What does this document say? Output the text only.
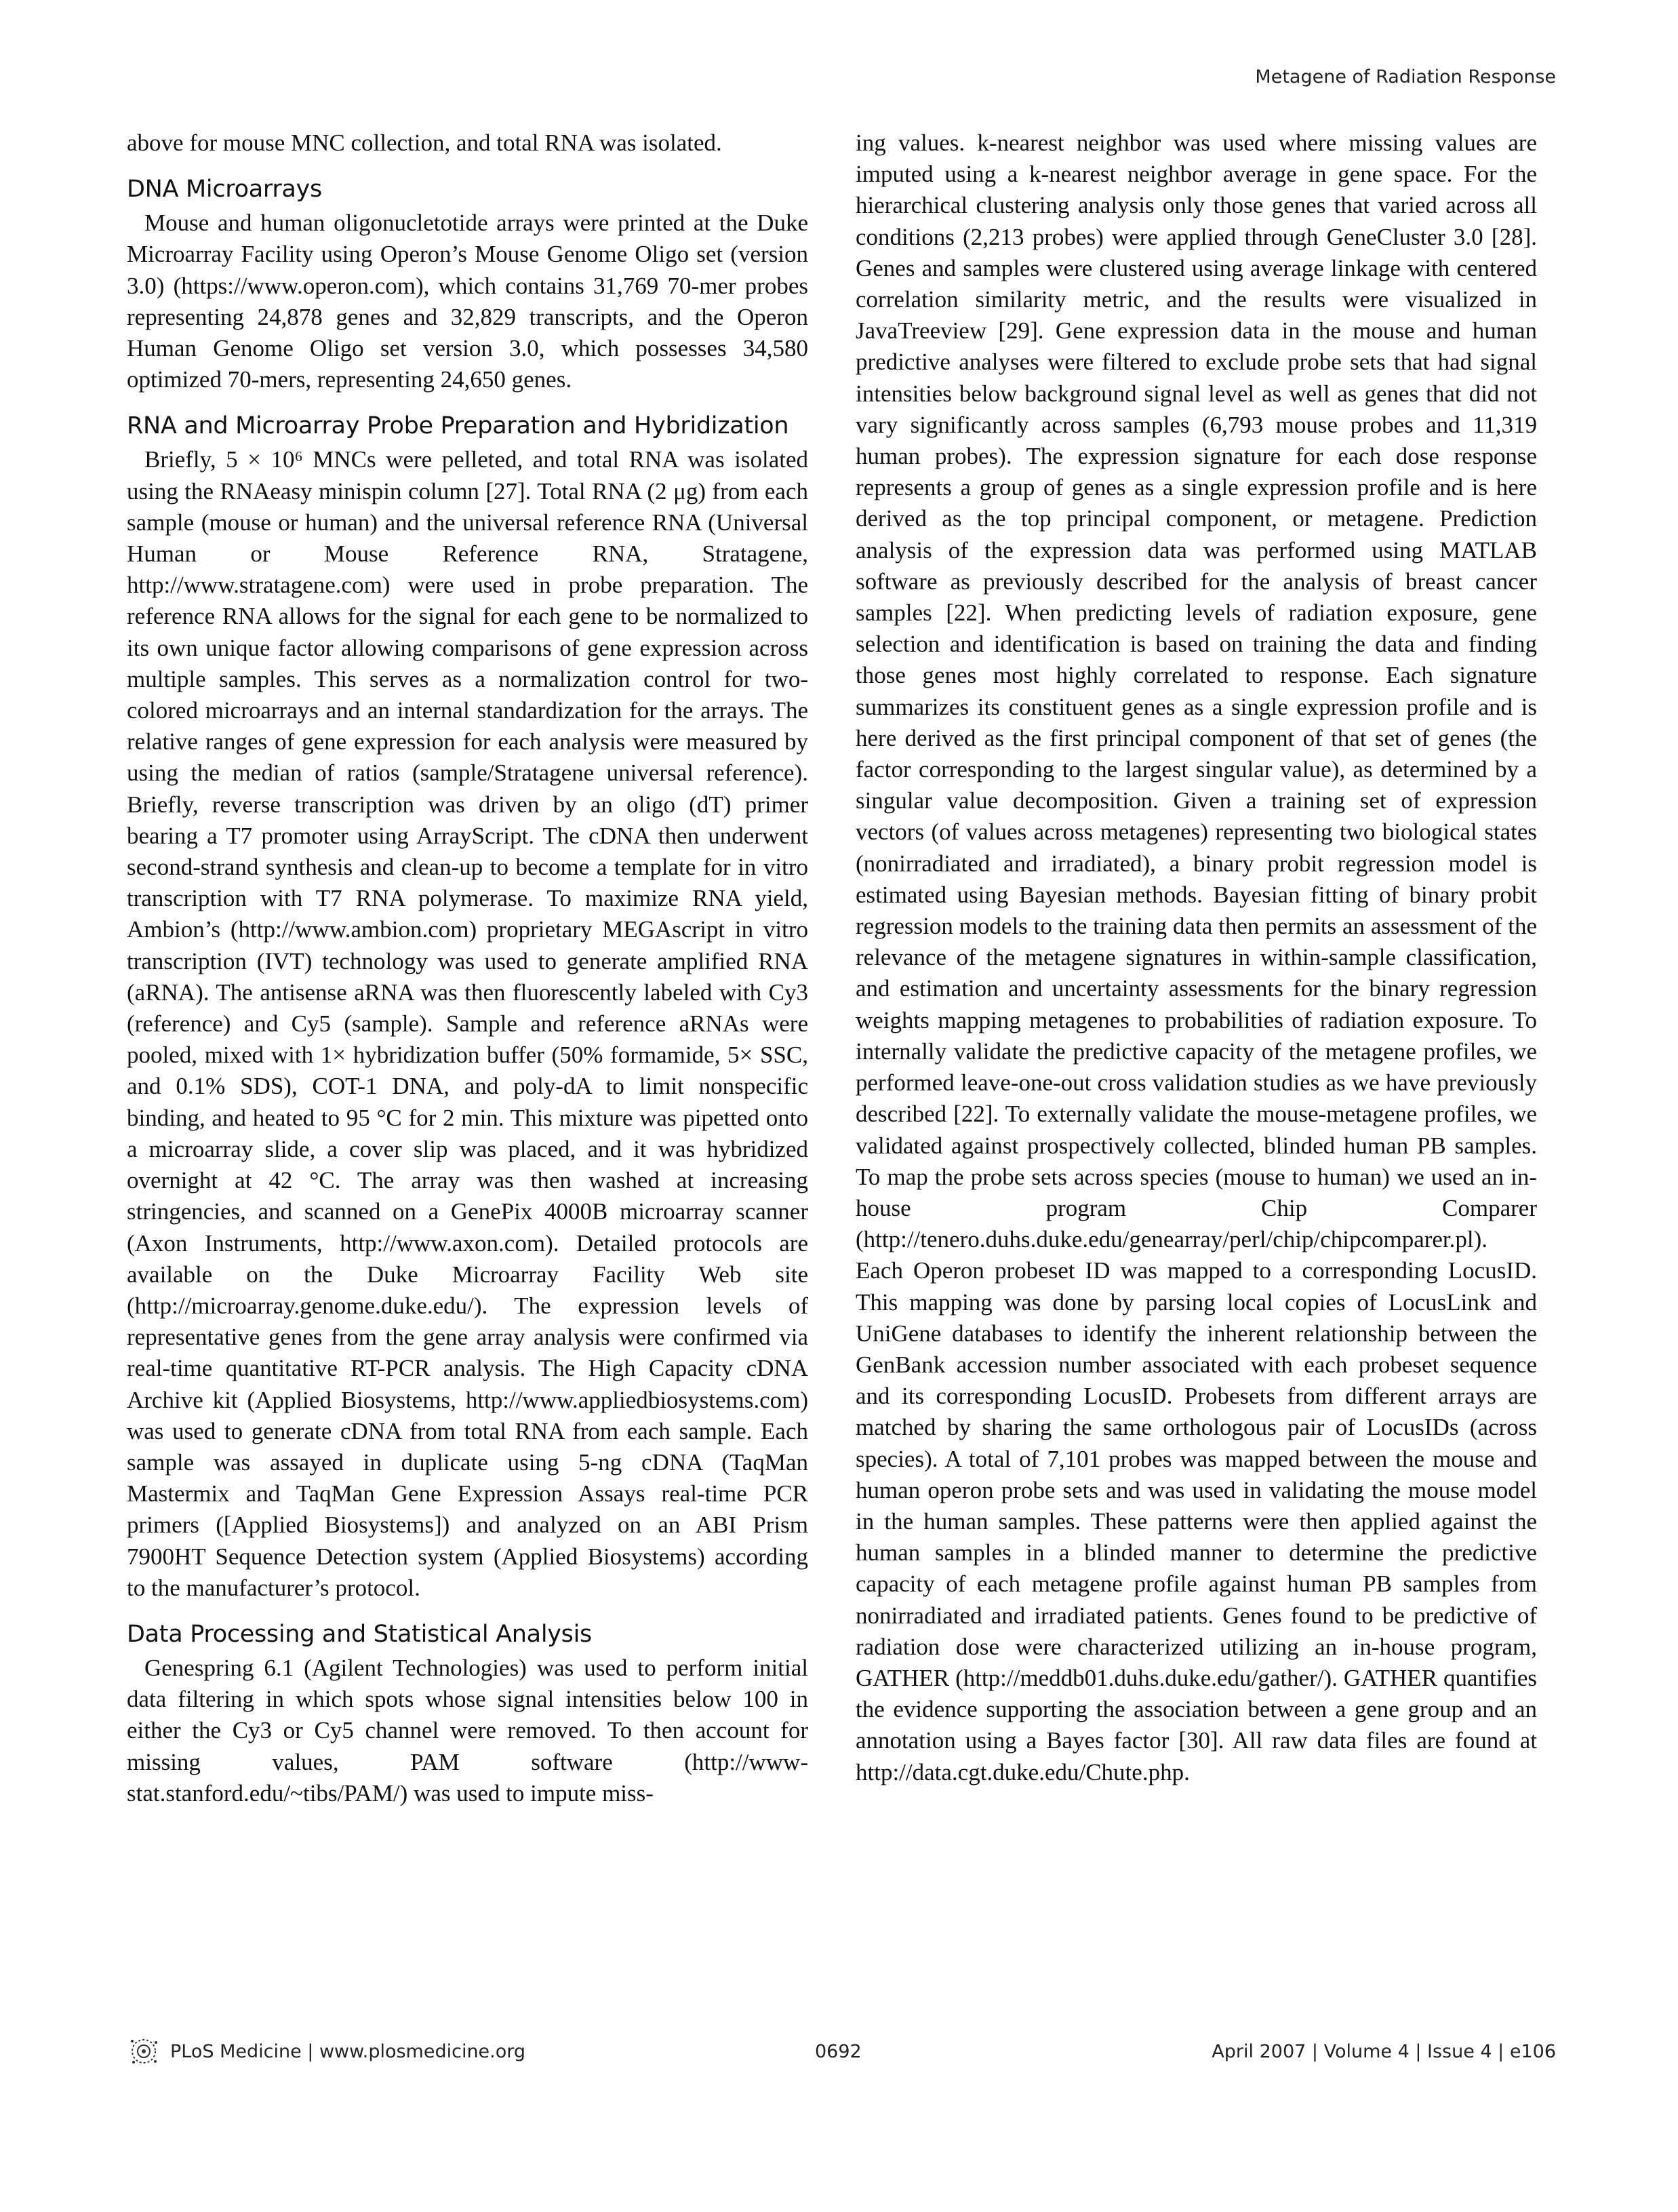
Metagene of Radiation Response

above for mouse MNC collection, and total RNA was isolated.

DNA Microarrays

Mouse and human oligonucletotide arrays were printed at the Duke Microarray Facility using Operon’s Mouse Genome Oligo set (version 3.0) (https://www.operon.com), which contains 31,769 70-mer probes representing 24,878 genes and 32,829 transcripts, and the Operon Human Genome Oligo set version 3.0, which possesses 34,580 optimized 70-mers, representing 24,650 genes.

RNA and Microarray Probe Preparation and Hybridization

Briefly, 5 × 10⁶ MNCs were pelleted, and total RNA was isolated using the RNAeasy minispin column [27]. Total RNA (2 μg) from each sample (mouse or human) and the universal reference RNA (Universal Human or Mouse Reference RNA, Stratagene, http://www.stratagene.com) were used in probe preparation. The reference RNA allows for the signal for each gene to be normalized to its own unique factor allowing comparisons of gene expression across multiple samples. This serves as a normalization control for two-colored microarrays and an internal standardization for the arrays. The relative ranges of gene expression for each analysis were measured by using the median of ratios (sample/Stratagene universal reference). Briefly, reverse transcription was driven by an oligo (dT) primer bearing a T7 promoter using ArrayScript. The cDNA then underwent second-strand synthesis and clean-up to become a template for in vitro transcription with T7 RNA polymerase. To maximize RNA yield, Ambion’s (http://www.ambion.com) proprietary MEGAscript in vitro transcription (IVT) technology was used to generate amplified RNA (aRNA). The antisense aRNA was then fluorescently labeled with Cy3 (reference) and Cy5 (sample). Sample and reference aRNAs were pooled, mixed with 1× hybridization buffer (50% formamide, 5× SSC, and 0.1% SDS), COT-1 DNA, and poly-dA to limit nonspecific binding, and heated to 95 °C for 2 min. This mixture was pipetted onto a microarray slide, a cover slip was placed, and it was hybridized overnight at 42 °C. The array was then washed at increasing stringencies, and scanned on a GenePix 4000B microarray scanner (Axon Instruments, http://www.axon.com). Detailed protocols are available on the Duke Microarray Facility Web site (http://microarray.genome.duke.edu/). The expression levels of representative genes from the gene array analysis were confirmed via real-time quantitative RT-PCR analysis. The High Capacity cDNA Archive kit (Applied Biosystems, http://www.appliedbiosystems.com) was used to generate cDNA from total RNA from each sample. Each sample was assayed in duplicate using 5-ng cDNA (TaqMan Mastermix and TaqMan Gene Expression Assays real-time PCR primers ([Applied Biosystems]) and analyzed on an ABI Prism 7900HT Sequence Detection system (Applied Biosystems) according to the manufacturer’s protocol.

Data Processing and Statistical Analysis

Genespring 6.1 (Agilent Technologies) was used to perform initial data filtering in which spots whose signal intensities below 100 in either the Cy3 or Cy5 channel were removed. To then account for missing values, PAM software (http://www-stat.stanford.edu/~tibs/PAM/) was used to impute miss-

ing values. k-nearest neighbor was used where missing values are imputed using a k-nearest neighbor average in gene space. For the hierarchical clustering analysis only those genes that varied across all conditions (2,213 probes) were applied through GeneCluster 3.0 [28]. Genes and samples were clustered using average linkage with centered correlation similarity metric, and the results were visualized in JavaTreeview [29]. Gene expression data in the mouse and human predictive analyses were filtered to exclude probe sets that had signal intensities below background signal level as well as genes that did not vary significantly across samples (6,793 mouse probes and 11,319 human probes). The expression signature for each dose response represents a group of genes as a single expression profile and is here derived as the top principal component, or metagene. Prediction analysis of the expression data was performed using MATLAB software as previously described for the analysis of breast cancer samples [22]. When predicting levels of radiation exposure, gene selection and identification is based on training the data and finding those genes most highly correlated to response. Each signature summarizes its constituent genes as a single expression profile and is here derived as the first principal component of that set of genes (the factor corresponding to the largest singular value), as determined by a singular value decomposition. Given a training set of expression vectors (of values across metagenes) representing two biological states (nonirradiated and irradiated), a binary probit regression model is estimated using Bayesian methods. Bayesian fitting of binary probit regression models to the training data then permits an assessment of the relevance of the metagene signatures in within-sample classification, and estimation and uncertainty assessments for the binary regression weights mapping metagenes to probabilities of radiation exposure. To internally validate the predictive capacity of the metagene profiles, we performed leave-one-out cross validation studies as we have previously described [22]. To externally validate the mouse-metagene profiles, we validated against prospectively collected, blinded human PB samples. To map the probe sets across species (mouse to human) we used an in-house program Chip Comparer (http://tenero.duhs.duke.edu/genearray/perl/chip/chipcomparer.pl). Each Operon probeset ID was mapped to a corresponding LocusID. This mapping was done by parsing local copies of LocusLink and UniGene databases to identify the inherent relationship between the GenBank accession number associated with each probeset sequence and its corresponding LocusID. Probesets from different arrays are matched by sharing the same orthologous pair of LocusIDs (across species). A total of 7,101 probes was mapped between the mouse and human operon probe sets and was used in validating the mouse model in the human samples. These patterns were then applied against the human samples in a blinded manner to determine the predictive capacity of each metagene profile against human PB samples from nonirradiated and irradiated patients. Genes found to be predictive of radiation dose were characterized utilizing an in-house program, GATHER (http://meddb01.duhs.duke.edu/gather/). GATHER quantifies the evidence supporting the association between a gene group and an annotation using a Bayes factor [30]. All raw data files are found at http://data.cgt.duke.edu/Chute.php.

PLoS Medicine | www.plosmedicine.org	0692	April 2007 | Volume 4 | Issue 4 | e106
